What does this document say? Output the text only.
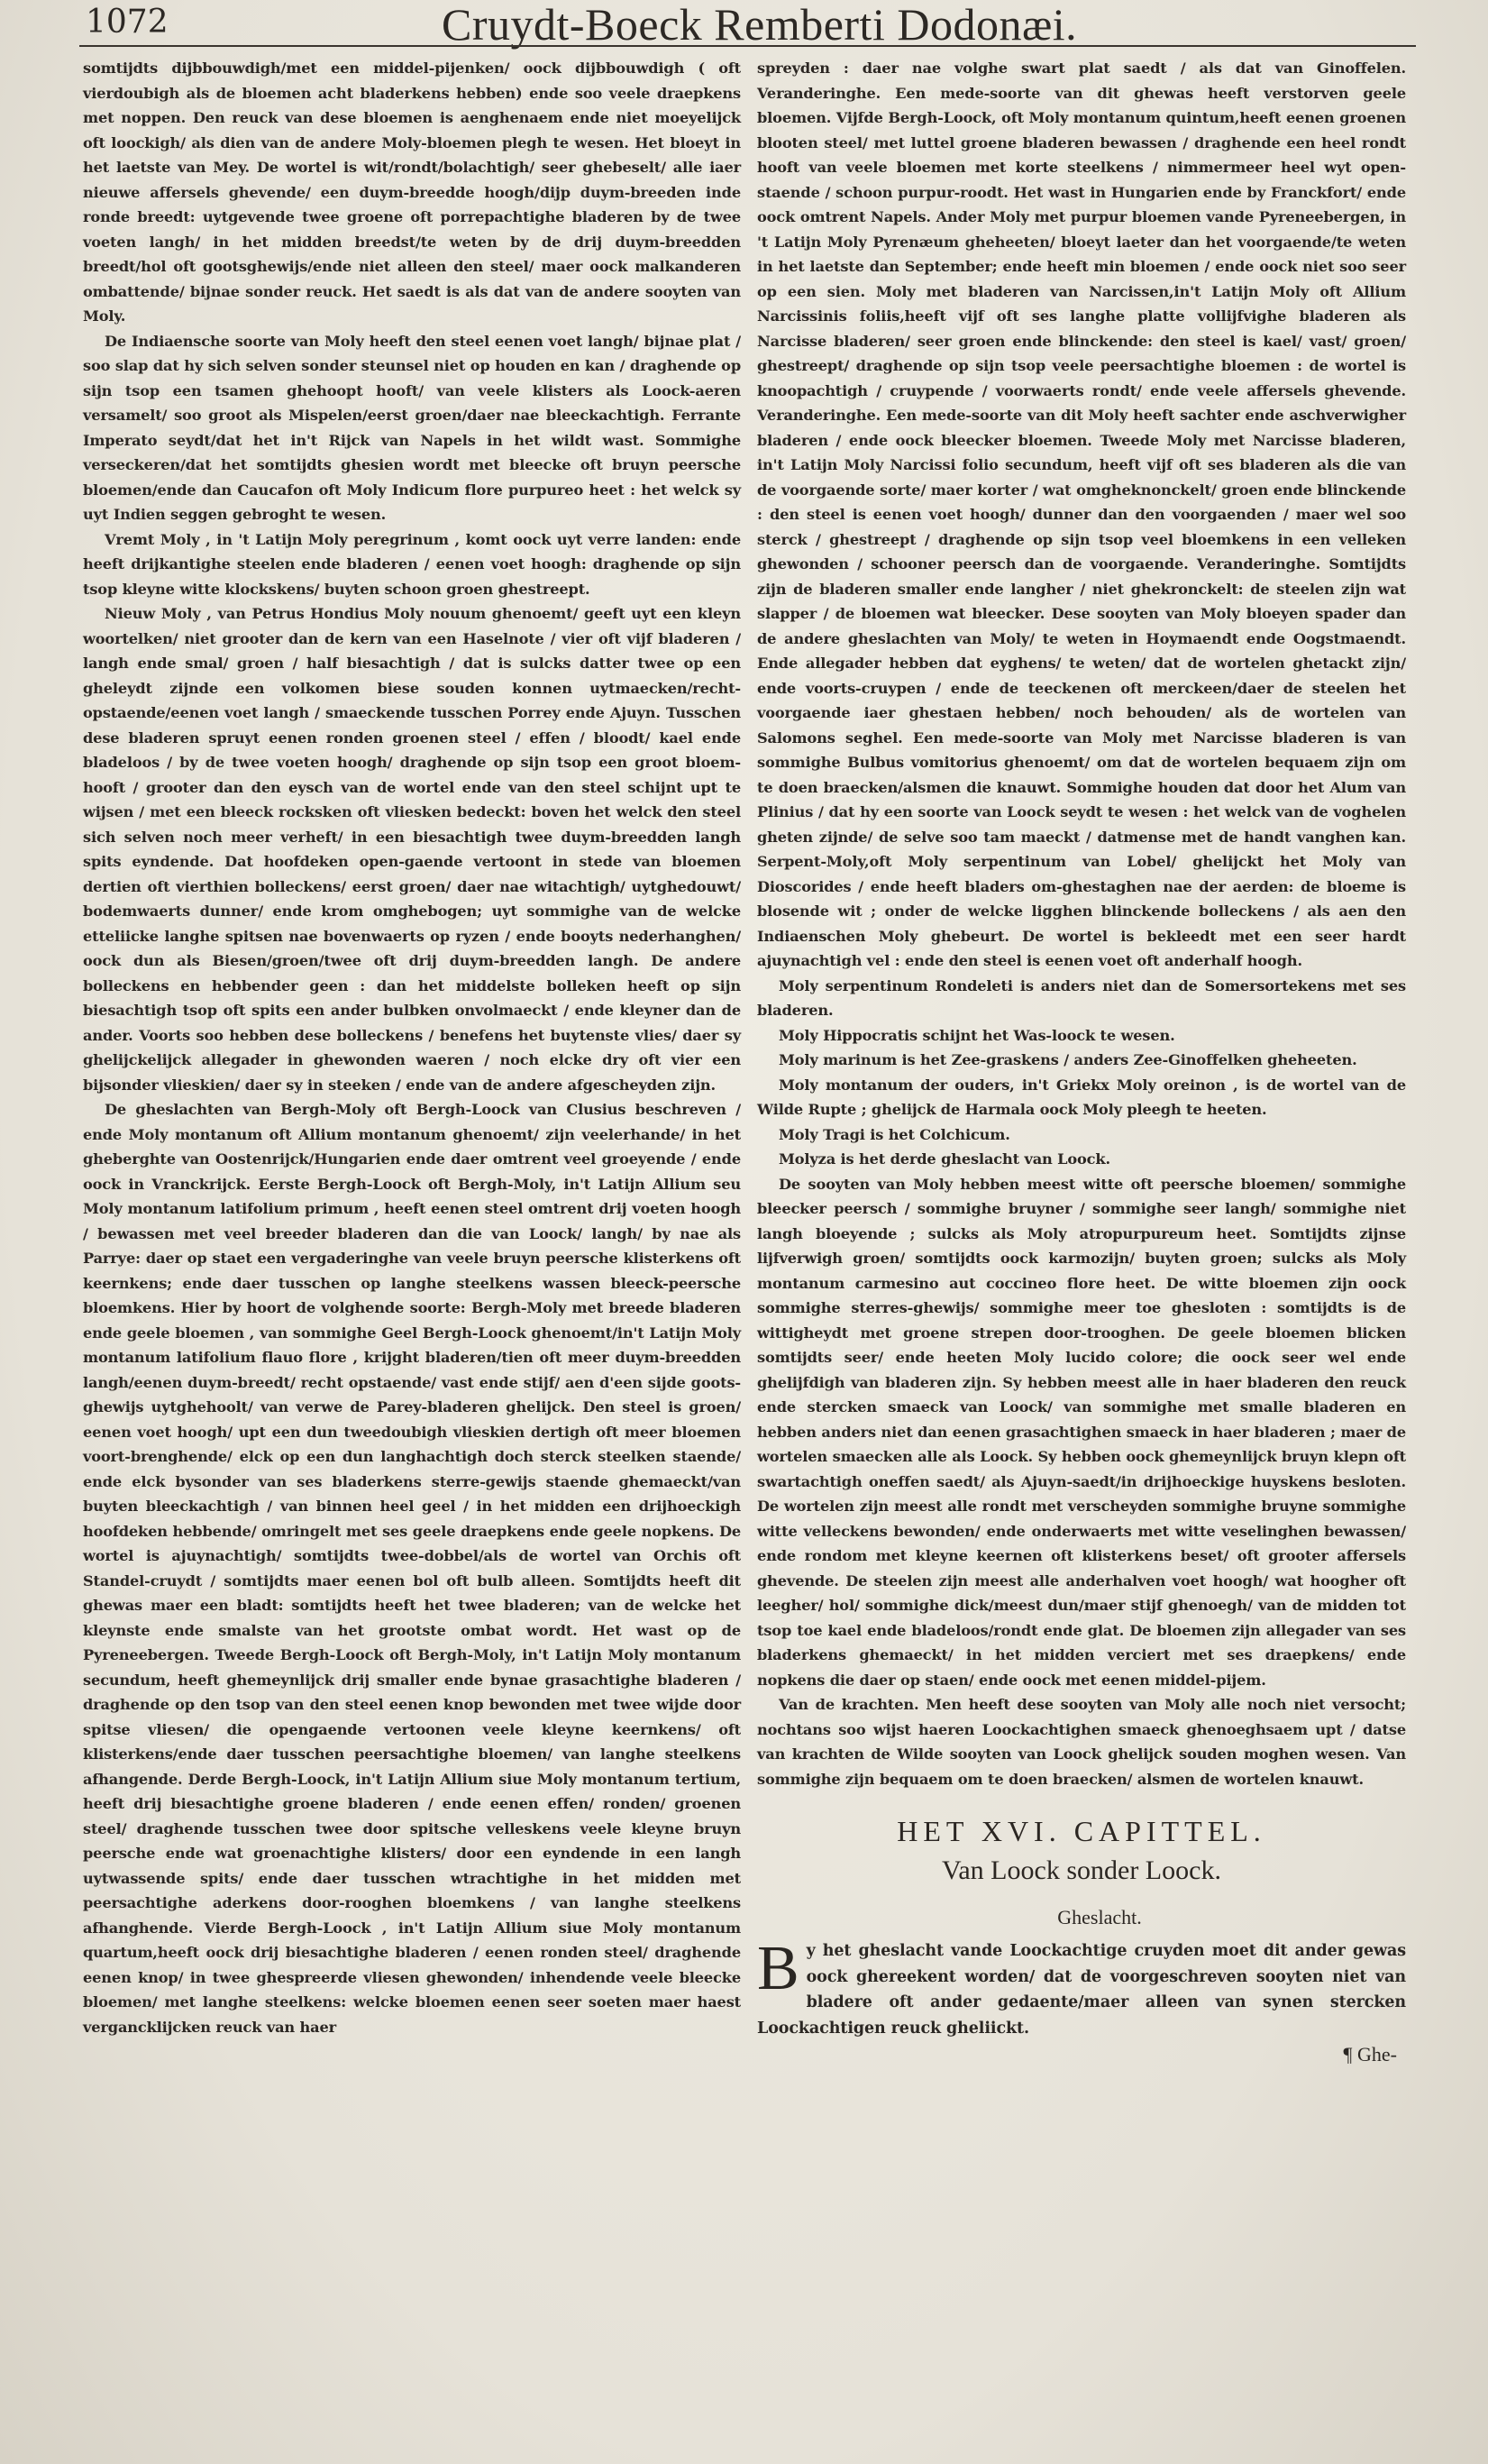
1072	Cruydt-Boeck Remberti Dodonæi.

somtijdts dijbbouwdigh/met een middel-pijenken/ oock dijbbouwdigh ( oft vierdoubigh als de bloemen acht bladerkens hebben) ende soo veele draepkens met noppen. Den reuck van dese bloemen is aenghenaem ende niet moeyelijck oft loockigh/ als dien van de andere Moly-bloemen plegh te wesen. Het bloeyt in het laetste van Mey. De wortel is wit/rondt/bolachtigh/ seer ghebeselt/ alle iaer nieuwe affersels ghevende/ een duym-breedde hoogh/dijp duym-breeden inde ronde breedt: uytgevende twee groene oft porrepachtighe bladeren by de twee voeten langh/ in het midden breedst/te weten by de drij duym-breedden breedt/hol oft gootsghewijs/ende niet alleen den steel/ maer oock malkanderen ombattende/ bijnae sonder reuck. Het saedt is als dat van de andere sooyten van Moly.

De Indiaensche soorte van Moly heeft den steel eenen voet langh/ bijnae plat / soo slap dat hy sich selven sonder steunsel niet op houden en kan / draghende op sijn tsop een tsamen ghehoopt hooft/ van veele klisters als Loock-aeren versamelt/ soo groot als Mispelen/eerst groen/daer nae bleeckachtigh. Ferrante Imperato seydt/dat het in't Rijck van Napels in het wildt wast. Sommighe verseckeren/dat het somtijdts ghesien wordt met bleecke oft bruyn peersche bloemen/ende dan Caucafon oft Moly Indicum flore purpureo heet : het welck sy uyt Indien seggen gebroght te wesen.

Vremt Moly , in 't Latijn Moly peregrinum , komt oock uyt verre landen: ende heeft drijkantighe steelen ende bladeren / eenen voet hoogh: draghende op sijn tsop kleyne witte klockskens/ buyten schoon groen ghestreept.

Nieuw Moly , van Petrus Hondius Moly nouum ghenoemt/ geeft uyt een kleyn woortelken/ niet grooter dan de kern van een Haselnote / vier oft vijf bladeren / langh ende smal/ groen / half biesachtigh / dat is sulcks datter twee op een gheleydt zijnde een volkomen biese souden konnen uytmaecken/recht-opstaende/eenen voet langh / smaeckende tusschen Porrey ende Ajuyn. Tusschen dese bladeren spruyt eenen ronden groenen steel / effen / bloodt/ kael ende bladeloos / by de twee voeten hoogh/ draghende op sijn tsop een groot bloem-hooft / grooter dan den eysch van de wortel ende van den steel schijnt upt te wijsen / met een bleeck rocksken oft vliesken bedeckt: boven het welck den steel sich selven noch meer verheft/ in een biesachtigh twee duym-breedden langh spits eyndende. Dat hoofdeken open-gaende vertoont in stede van bloemen dertien oft vierthien bolleckens/ eerst groen/ daer nae witachtigh/ uytghedouwt/ bodemwaerts dunner/ ende krom omghebogen; uyt sommighe van de welcke etteliicke langhe spitsen nae bovenwaerts op ryzen / ende booyts nederhanghen/ oock dun als Biesen/groen/twee oft drij duym-breedden langh. De andere bolleckens en hebbender geen : dan het middelste bolleken heeft op sijn biesachtigh tsop oft spits een ander bulbken onvolmaeckt / ende kleyner dan de ander. Voorts soo hebben dese bolleckens / benefens het buytenste vlies/ daer sy ghelijckelijck allegader in ghewonden waeren / noch elcke dry oft vier een bijsonder vlieskien/ daer sy in steeken / ende van de andere afgescheyden zijn.

De gheslachten van Bergh-Moly oft Bergh-Loock van Clusius beschreven / ende Moly montanum oft Allium montanum ghenoemt/ zijn veelerhande/ in het gheberghte van Oostenrijck/Hungarien ende daer omtrent veel groeyende / ende oock in Vranckrijck. Eerste Bergh-Loock oft Bergh-Moly, in't Latijn Allium seu Moly montanum latifolium primum , heeft eenen steel omtrent drij voeten hoogh / bewassen met veel breeder bladeren dan die van Loock/ langh/ by nae als Parrye: daer op staet een vergaderinghe van veele bruyn peersche klisterkens oft keernkens; ende daer tusschen op langhe steelkens wassen bleeck-peersche bloemkens. Hier by hoort de volghende soorte: Bergh-Moly met breede bladeren ende geele bloemen , van sommighe Geel Bergh-Loock ghenoemt/in't Latijn Moly montanum latifolium flauo flore , krijght bladeren/tien oft meer duym-breedden langh/eenen duym-breedt/ recht opstaende/ vast ende stijf/ aen d'een sijde goots-ghewijs uytghehoolt/ van verwe de Parey-bladeren ghelijck. Den steel is groen/ eenen voet hoogh/ upt een dun tweedoubigh vlieskien dertigh oft meer bloemen voort-brenghende/ elck op een dun langhachtigh doch sterck steelken staende/ ende elck bysonder van ses bladerkens sterre-gewijs staende ghemaeckt/van buyten bleeckachtigh / van binnen heel geel / in het midden een drijhoeckigh hoofdeken hebbende/ omringelt met ses geele draepkens ende geele nopkens. De wortel is ajuynachtigh/ somtijdts twee-dobbel/als de wortel van Orchis oft Standel-cruydt / somtijdts maer eenen bol oft bulb alleen. Somtijdts heeft dit ghewas maer een bladt: somtijdts heeft het twee bladeren; van de welcke het kleynste ende smalste van het grootste ombat wordt. Het wast op de Pyreneebergen. Tweede Bergh-Loock oft Bergh-Moly, in't Latijn Moly montanum secundum, heeft ghemeynlijck drij smaller ende bynae grasachtighe bladeren / draghende op den tsop van den steel eenen knop bewonden met twee wijde door spitse vliesen/ die opengaende vertoonen veele kleyne keernkens/ oft klisterkens/ende daer tusschen peersachtighe bloemen/ van langhe steelkens afhangende. Derde Bergh-Loock, in't Latijn Allium siue Moly montanum tertium, heeft drij biesachtighe groene bladeren / ende eenen effen/ ronden/ groenen steel/ draghende tusschen twee door spitsche velleskens veele kleyne bruyn peersche ende wat groenachtighe klisters/ door een eyndende in een langh uytwassende spits/ ende daer tusschen wtrachtighe in het midden met peersachtighe aderkens door-rooghen bloemkens / van langhe steelkens afhanghende. Vierde Bergh-Loock , in't Latijn Allium siue Moly montanum quartum,heeft oock drij biesachtighe bladeren / eenen ronden steel/ draghende eenen knop/ in twee ghespreerde vliesen ghewonden/ inhendende veele bleecke bloemen/ met langhe steelkens: welcke bloemen eenen seer soeten maer haest vergancklijcken reuck van haer

spreyden : daer nae volghe swart plat saedt / als dat van Ginoffelen. Veranderinghe. Een mede-soorte van dit ghewas heeft verstorven geele bloemen. Vijfde Bergh-Loock, oft Moly montanum quintum,heeft eenen groenen blooten steel/ met luttel groene bladeren bewassen / draghende een heel rondt hooft van veele bloemen met korte steelkens / nimmermeer heel wyt open-staende / schoon purpur-roodt. Het wast in Hungarien ende by Franckfort/ ende oock omtrent Napels. Ander Moly met purpur bloemen vande Pyreneebergen, in 't Latijn Moly Pyrenæum gheheeten/ bloeyt laeter dan het voorgaende/te weten in het laetste dan September; ende heeft min bloemen / ende oock niet soo seer op een sien. Moly met bladeren van Narcissen,in't Latijn Moly oft Allium Narcissinis foliis,heeft vijf oft ses langhe platte vollijfvighe bladeren als Narcisse bladeren/ seer groen ende blinckende: den steel is kael/ vast/ groen/ ghestreept/ draghende op sijn tsop veele peersachtighe bloemen : de wortel is knoopachtigh / cruypende / voorwaerts rondt/ ende veele affersels ghevende. Veranderinghe. Een mede-soorte van dit Moly heeft sachter ende aschverwigher bladeren / ende oock bleecker bloemen. Tweede Moly met Narcisse bladeren, in't Latijn Moly Narcissi folio secundum, heeft vijf oft ses bladeren als die van de voorgaende sorte/ maer korter / wat omgheknonckelt/ groen ende blinckende : den steel is eenen voet hoogh/ dunner dan den voorgaenden / maer wel soo sterck / ghestreept / draghende op sijn tsop veel bloemkens in een velleken ghewonden / schooner peersch dan de voorgaende. Veranderinghe. Somtijdts zijn de bladeren smaller ende langher / niet ghekronckelt: de steelen zijn wat slapper / de bloemen wat bleecker. Dese sooyten van Moly bloeyen spader dan de andere gheslachten van Moly/ te weten in Hoymaendt ende Oogstmaendt. Ende allegader hebben dat eyghens/ te weten/ dat de wortelen ghetackt zijn/ ende voorts-cruypen / ende de teeckenen oft merckeen/daer de steelen het voorgaende iaer ghestaen hebben/ noch behouden/ als de wortelen van Salomons seghel. Een mede-soorte van Moly met Narcisse bladeren is van sommighe Bulbus vomitorius ghenoemt/ om dat de wortelen bequaem zijn om te doen braecken/alsmen die knauwt. Sommighe houden dat door het Alum van Plinius / dat hy een soorte van Loock seydt te wesen : het welck van de voghelen gheten zijnde/ de selve soo tam maeckt / datmense met de handt vanghen kan. Serpent-Moly,oft Moly serpentinum van Lobel/ ghelijckt het Moly van Dioscorides / ende heeft bladers om-ghestaghen nae der aerden: de bloeme is blosende wit ; onder de welcke ligghen blinckende bolleckens / als aen den Indiaenschen Moly ghebeurt. De wortel is bekleedt met een seer hardt ajuynachtigh vel : ende den steel is eenen voet oft anderhalf hoogh.

Moly serpentinum Rondeleti is anders niet dan de Somersortekens met ses bladeren.

Moly Hippocratis schijnt het Was-loock te wesen.

Moly marinum is het Zee-graskens / anders Zee-Ginoffelken gheheeten.

Moly montanum der ouders, in't Griekx Moly oreinon , is de wortel van de Wilde Rupte ; ghelijck de Harmala oock Moly pleegh te heeten.

Moly Tragi is het Colchicum.

Molyza is het derde gheslacht van Loock.

De sooyten van Moly hebben meest witte oft peersche bloemen/ sommighe bleecker peersch / sommighe bruyner / sommighe seer langh/ sommighe niet langh bloeyende ; sulcks als Moly atropurpureum heet. Somtijdts zijnse lijfverwigh groen/ somtijdts oock karmozijn/ buyten groen; sulcks als Moly montanum carmesino aut coccineo flore heet. De witte bloemen zijn oock sommighe sterres-ghewijs/ sommighe meer toe ghesloten : somtijdts is de wittigheydt met groene strepen door-trooghen. De geele bloemen blicken somtijdts seer/ ende heeten Moly lucido colore; die oock seer wel ende ghelijfdigh van bladeren zijn. Sy hebben meest alle in haer bladeren den reuck ende stercken smaeck van Loock/ van sommighe met smalle bladeren en hebben anders niet dan eenen grasachtighen smaeck in haer bladeren ; maer de wortelen smaecken alle als Loock. Sy hebben oock ghemeynlijck bruyn klepn oft swartachtigh oneffen saedt/ als Ajuyn-saedt/in drijhoeckige huyskens besloten. De wortelen zijn meest alle rondt met verscheyden sommighe bruyne sommighe witte velleckens bewonden/ ende onderwaerts met witte veselinghen bewassen/ ende rondom met kleyne keernen oft klisterkens beset/ oft grooter affersels ghevende. De steelen zijn meest alle anderhalven voet hoogh/ wat hoogher oft leegher/ hol/ sommighe dick/meest dun/maer stijf ghenoegh/ van de midden tot tsop toe kael ende bladeloos/rondt ende glat. De bloemen zijn allegader van ses bladerkens ghemaeckt/ in het midden verciert met ses draepkens/ ende nopkens die daer op staen/ ende oock met eenen middel-pijem.

Van de krachten. Men heeft dese sooyten van Moly alle noch niet versocht; nochtans soo wijst haeren Loockachtighen smaeck ghenoeghsaem upt / datse van krachten de Wilde sooyten van Loock ghelijck souden moghen wesen. Van sommighe zijn bequaem om te doen braecken/ alsmen de wortelen knauwt.

HET XVI. CAPITTEL.
Van Loock sonder Loock.
Gheslacht.
B y het gheslacht vande Loockachtige cruyden moet dit ander gewas oock ghereekent worden/ dat de voorgeschreven sooyten niet van bladere oft ander gedaente/maer alleen van synen stercken Loockachtigen reuck gheliickt.
¶ Ghe-
